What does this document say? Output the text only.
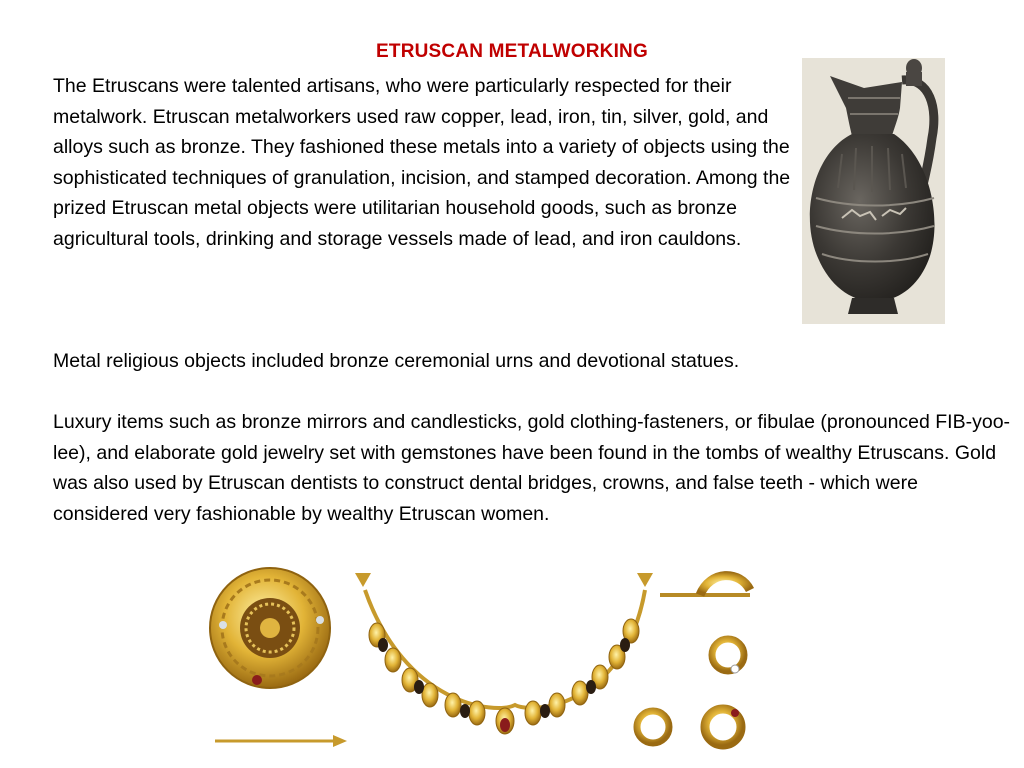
ETRUSCAN METALWORKING

The Etruscans were talented artisans, who were particularly respected for their metalwork. Etruscan metalworkers used raw copper, lead, iron, tin, silver, gold, and alloys such as bronze. They fashioned these metals into a variety of objects using the sophisticated techniques of granulation, incision, and stamped decoration. Among the prized Etruscan metal objects were utilitarian household goods, such as bronze agricultural tools, drinking and storage vessels made of lead, and iron cauldons.

Metal religious objects included bronze ceremonial urns and devotional statues.

Luxury items such as bronze mirrors and candlesticks, gold clothing-fasteners, or fibulae (pronounced FIB-yoo-lee), and elaborate gold jewelry set with gemstones have been found in the tombs of wealthy Etruscans. Gold was also used by Etruscan dentists to construct dental bridges, crowns, and false teeth - which were considered very fashionable by wealthy Etruscan women.
